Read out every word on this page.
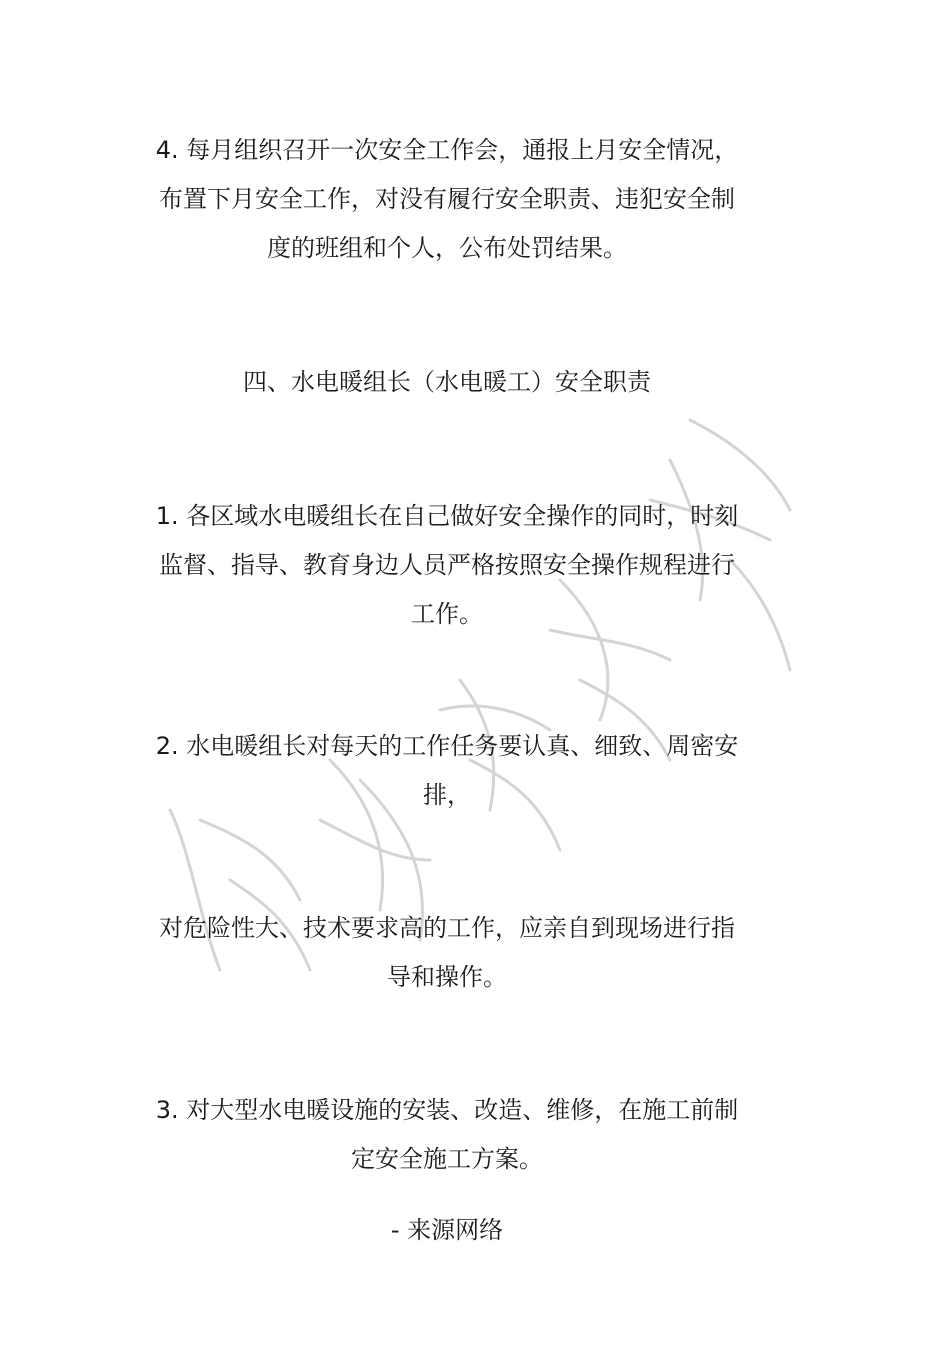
4. 每月组织召开一次安全工作会，通报上月安全情况，
布置下月安全工作，对没有履行安全职责、违犯安全制
度的班组和个人，公布处罚结果。

四、水电暖组长（水电暖工）安全职责

1. 各区域水电暖组长在自己做好安全操作的同时，时刻
监督、指导、教育身边人员严格按照安全操作规程进行
工作。

2. 水电暖组长对每天的工作任务要认真、细致、周密安
排，

对危险性大、技术要求高的工作，应亲自到现场进行指
导和操作。

3. 对大型水电暖设施的安装、改造、维修，在施工前制
定安全施工方案。

- 来源网络
